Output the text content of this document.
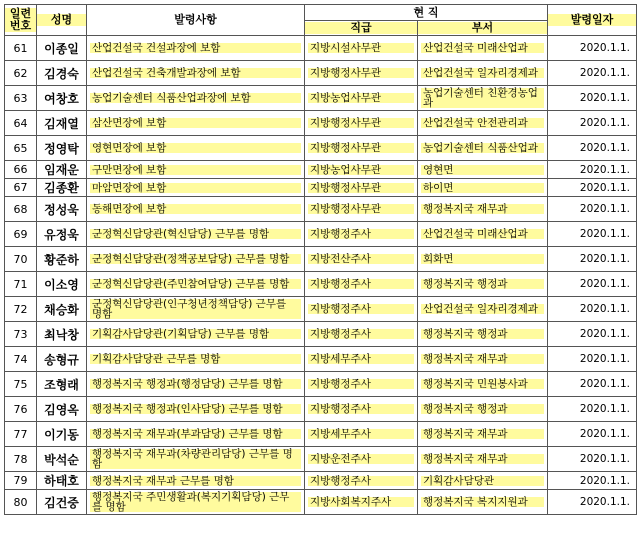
일련번호	성명	발령사항	현 직		발령일자

			직급	부서	

61	이종일	산업건설국 건설과장에 보함	지방시설사무관	산업건설국 미래산업과	2020.1.1.
62	김경숙	산업건설국 건축개발과장에 보함	지방행정사무관	산업건설국 일자리경제과	2020.1.1.
63	여창호	농업기술센터 식품산업과장에 보함	지방농업사무관	농업기술센터 친환경농업과	2020.1.1.
64	김재열	삼산면장에 보함	지방행정사무관	산업건설국 안전관리과	2020.1.1.
65	정영탁	영현면장에 보함	지방행정사무관	농업기술센터 식품산업과	2020.1.1.
66	임재운	구만면장에 보함	지방농업사무관	영현면	2020.1.1.
67	김종환	마암면장에 보함	지방행정사무관	하이면	2020.1.1.
68	정성욱	동해면장에 보함	지방행정사무관	행정복지국 재무과	2020.1.1.
69	유정욱	군정혁신담당관(혁신담당) 근무를 명함	지방행정주사	산업건설국 미래산업과	2020.1.1.
70	황준하	군정혁신담당관(정책공보담당) 근무를 명함	지방전산주사	회화면	2020.1.1.
71	이소영	군정혁신담당관(주민참여담당) 근무를 명함	지방행정주사	행정복지국 행정과	2020.1.1.
72	채승화	군정혁신담당관(인구청년정책담당) 근무를 명함	지방행정주사	산업건설국 일자리경제과	2020.1.1.
73	최낙창	기획감사담당관(기획담당) 근무를 명함	지방행정주사	행정복지국 행정과	2020.1.1.
74	송형규	기획감사담당관 근무를 명함	지방세무주사	행정복지국 재무과	2020.1.1.
75	조형래	행정복지국 행정과(행정담당) 근무를 명함	지방행정주사	행정복지국 민원봉사과	2020.1.1.
76	김영옥	행정복지국 행정과(인사담당) 근무를 명함	지방행정주사	행정복지국 행정과	2020.1.1.
77	이기동	행정복지국 재무과(부과담당) 근무를 명함	지방세무주사	행정복지국 재무과	2020.1.1.
78	박석순	행정복지국 재무과(차량관리담당) 근무를 명함	지방운전주사	행정복지국 재무과	2020.1.1.
79	하태호	행정복지국 재무과 근무를 명함	지방행정주사	기획감사담당관	2020.1.1.
80	김건중	행정복지국 주민생활과(복지기획담당) 근무를 명함	지방사회복지주사	행정복지국 복지지원과	2020.1.1.
